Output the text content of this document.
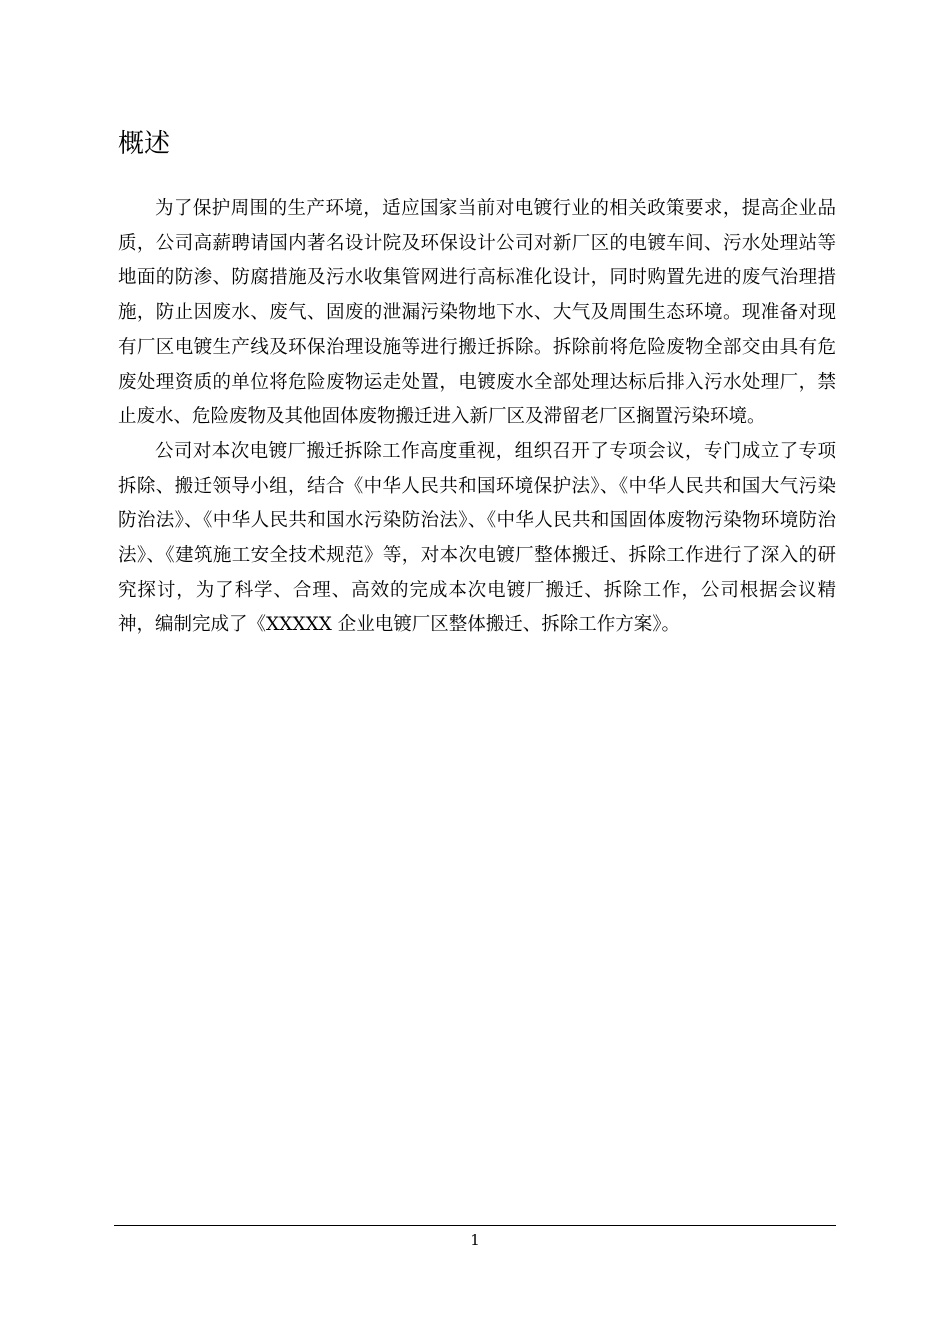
概述

为了保护周围的生产环境，适应国家当前对电镀行业的相关政策要求，提高企业品质，公司高薪聘请国内著名设计院及环保设计公司对新厂区的电镀车间、污水处理站等地面的防渗、防腐措施及污水收集管网进行高标准化设计，同时购置先进的废气治理措施，防止因废水、废气、固废的泄漏污染物地下水、大气及周围生态环境。现准备对现有厂区电镀生产线及环保治理设施等进行搬迁拆除。拆除前将危险废物全部交由具有危废处理资质的单位将危险废物运走处置，电镀废水全部处理达标后排入污水处理厂，禁止废水、危险废物及其他固体废物搬迁进入新厂区及滞留老厂区搁置污染环境。

公司对本次电镀厂搬迁拆除工作高度重视，组织召开了专项会议，专门成立了专项拆除、搬迁领导小组，结合《中华人民共和国环境保护法》、《中华人民共和国大气污染防治法》、《中华人民共和国水污染防治法》、《中华人民共和国固体废物污染物环境防治法》、《建筑施工安全技术规范》等，对本次电镀厂整体搬迁、拆除工作进行了深入的研究探讨，为了科学、合理、高效的完成本次电镀厂搬迁、拆除工作，公司根据会议精神，编制完成了《XXXXX 企业电镀厂区整体搬迁、拆除工作方案》。

1
